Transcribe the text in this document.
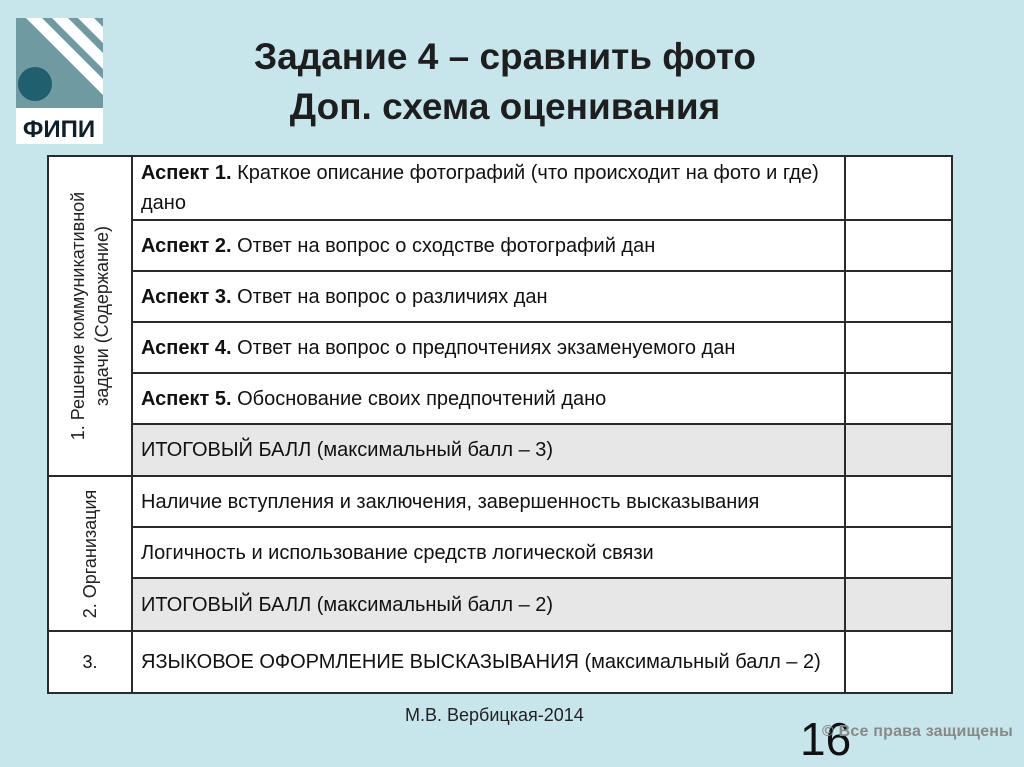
ФИПИ
Задание 4 – сравнить фото
Доп. схема оценивания
1. Решение коммуникативной задачи (Содержание)	Аспект 1. Краткое описание фотографий (что происходит на фото и где) дано	
	Аспект 2. Ответ на вопрос о сходстве фотографий дан	
	Аспект 3. Ответ на вопрос о различиях дан	
	Аспект 4. Ответ на вопрос о предпочтениях экзаменуемого дан	
	Аспект 5. Обоснование своих предпочтений дано	
	ИТОГОВЫЙ БАЛЛ (максимальный балл – 3)	

2. Организация	Наличие вступления и заключения, завершенность высказывания	
	Логичность и использование средств логической связи	
	ИТОГОВЫЙ БАЛЛ (максимальный балл – 2)	
3.	ЯЗЫКОВОЕ ОФОРМЛЕНИЕ ВЫСКАЗЫВАНИЯ (максимальный балл – 2)	
М.В. Вербицкая-2014	16
© Все права защищены
